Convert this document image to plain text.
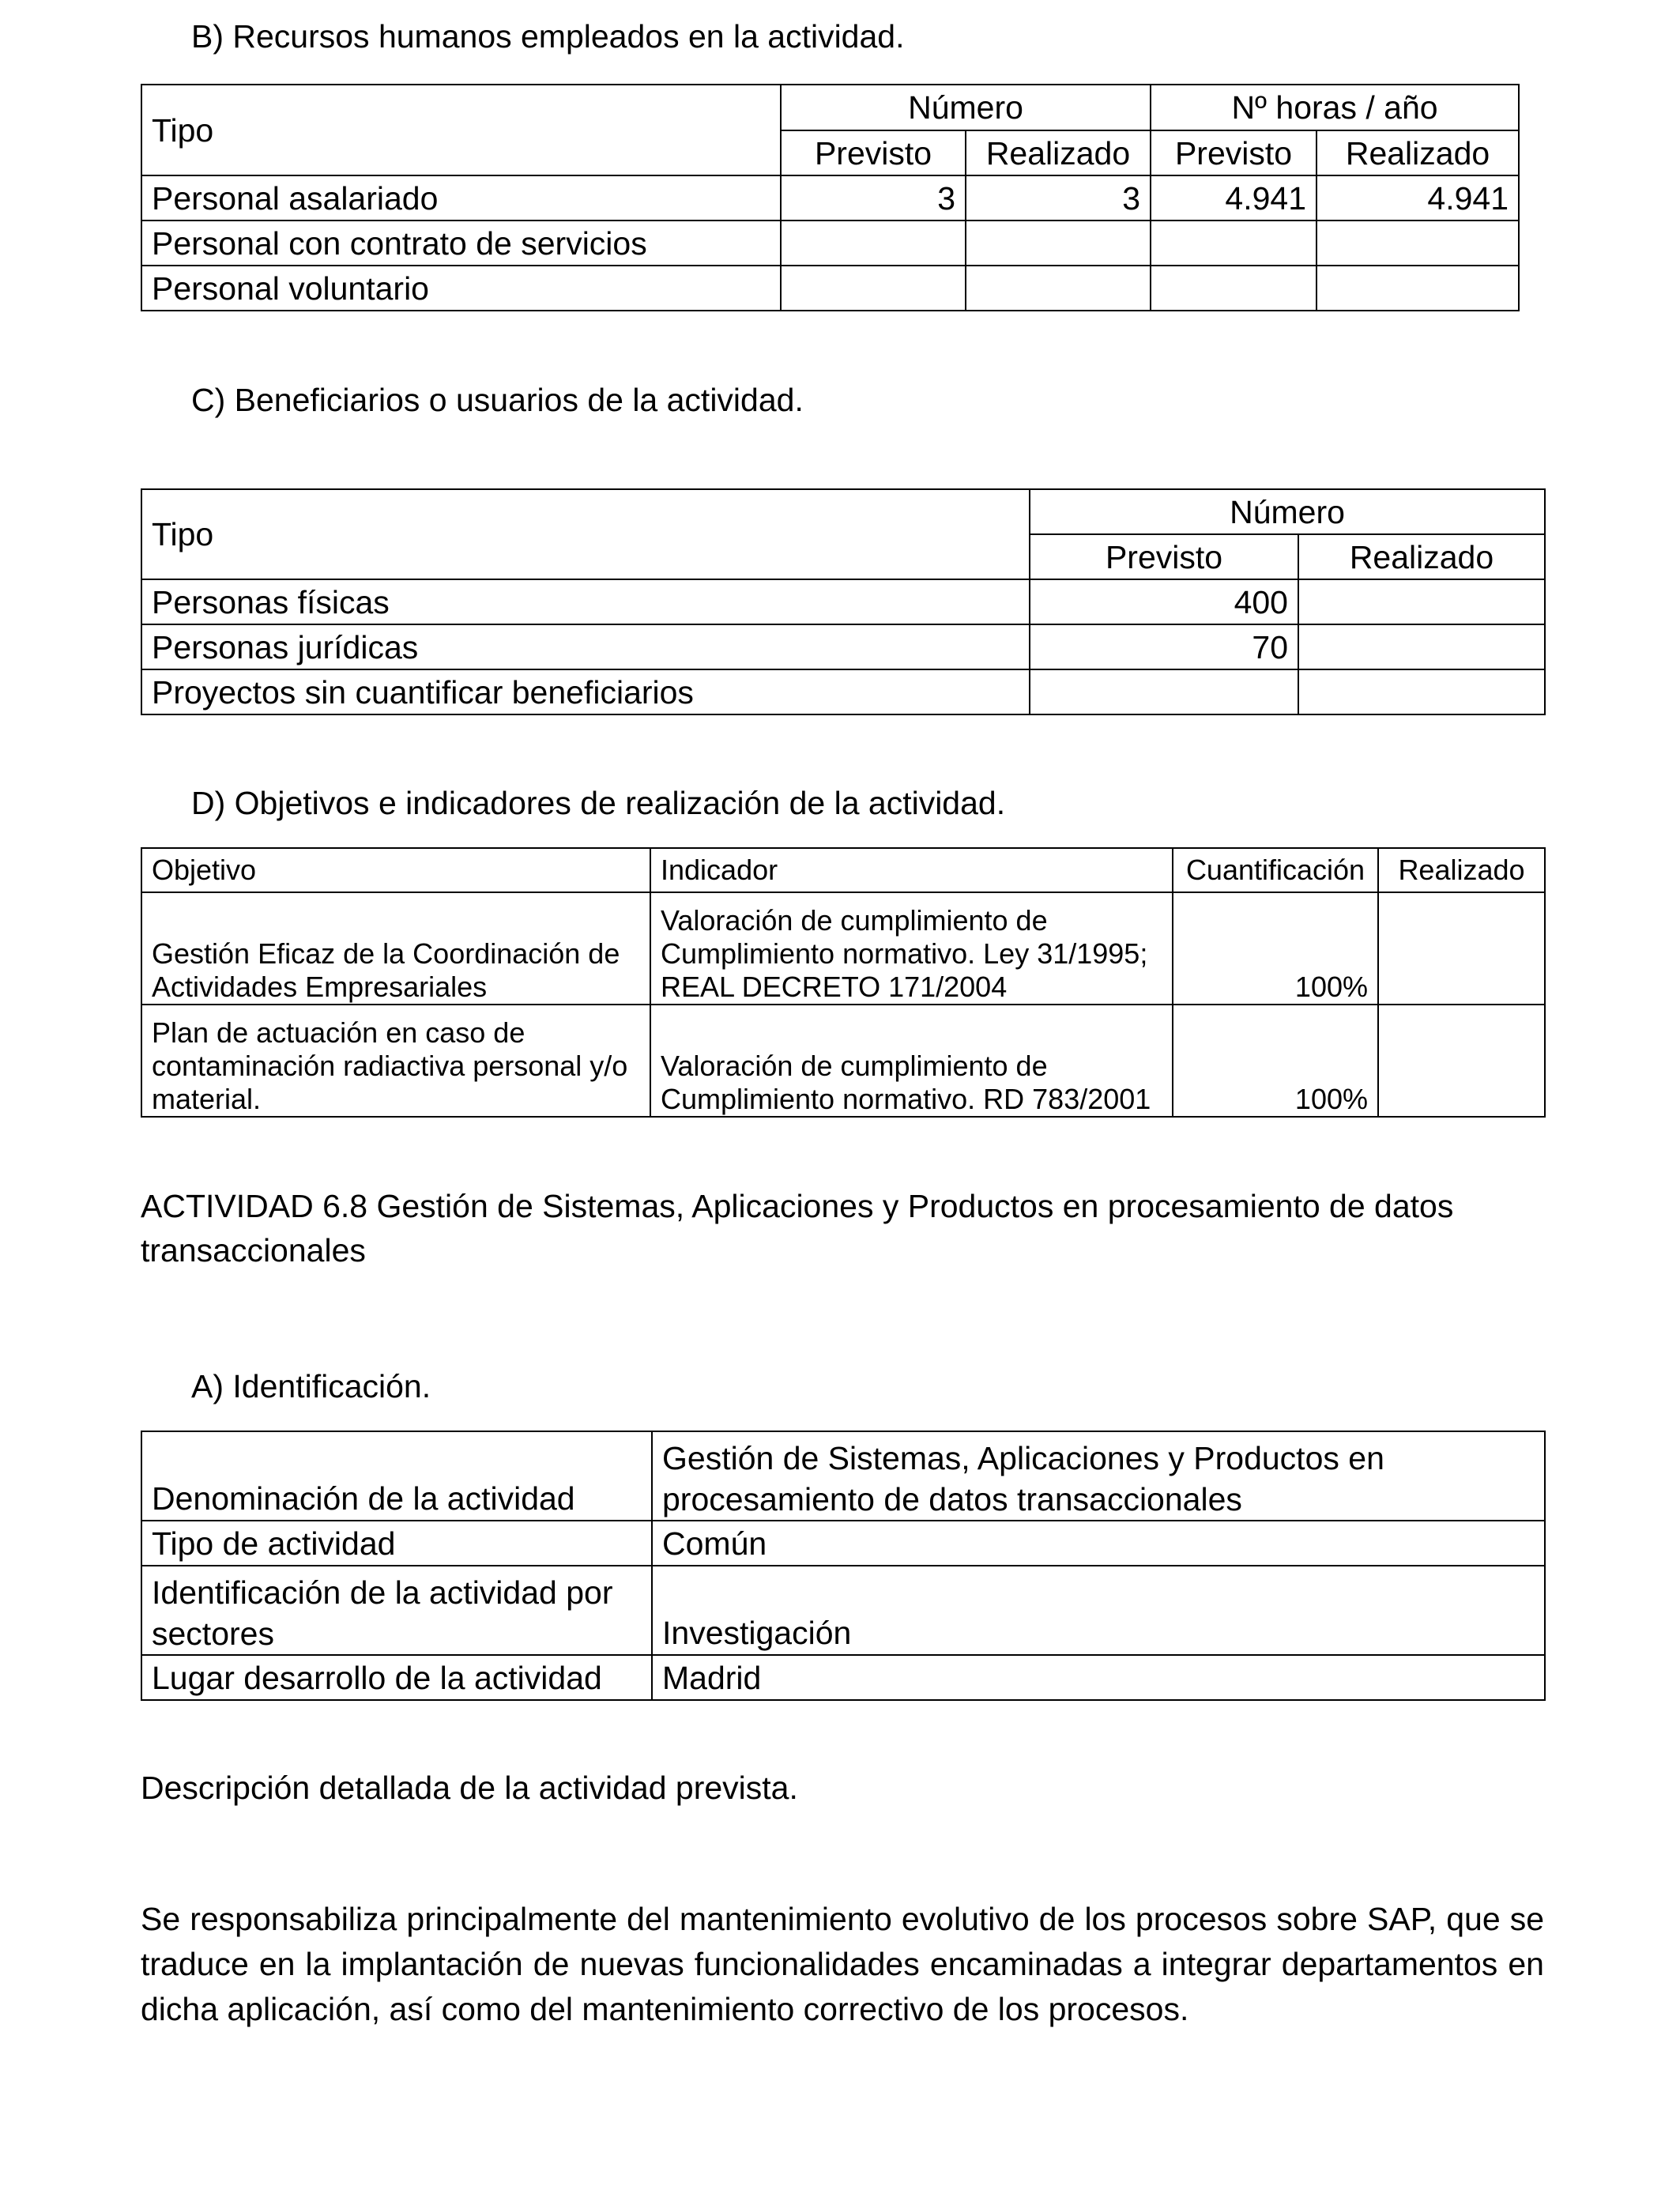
B) Recursos humanos empleados en la actividad.
Tipo	Número		Nº horas / año	
	Previsto	Realizado	Previsto	Realizado
Personal asalariado	3	3	4.941	4.941
Personal con contrato de servicios				
Personal voluntario				
C) Beneficiarios o usuarios de la actividad.
Tipo	Número	
	Previsto	Realizado
Personas físicas	400	
Personas jurídicas	70	
Proyectos sin cuantificar beneficiarios		
D) Objetivos e indicadores de realización de la actividad.
Objetivo	Indicador	Cuantificación	Realizado
Gestión Eficaz de la Coordinación de Actividades Empresariales	Valoración de cumplimiento de Cumplimiento normativo. Ley 31/1995; REAL DECRETO 171/2004	100%	
Plan de actuación en caso de contaminación radiactiva personal y/o material.	Valoración de cumplimiento de Cumplimiento normativo. RD 783/2001	100%	
ACTIVIDAD 6.8 Gestión de Sistemas, Aplicaciones y Productos en procesamiento de datos
transaccionales
A) Identificación.
Denominación de la actividad	Gestión de Sistemas, Aplicaciones y Productos en procesamiento de datos transaccionales
Tipo de actividad	Común
Identificación de la actividad por sectores	Investigación
Lugar desarrollo de la actividad	Madrid
Descripción detallada de la actividad prevista.
Se responsabiliza principalmente del mantenimiento evolutivo de los procesos sobre SAP, que se traduce en la implantación de nuevas funcionalidades encaminadas a integrar departamentos en dicha aplicación, así como del mantenimiento correctivo de los procesos.
